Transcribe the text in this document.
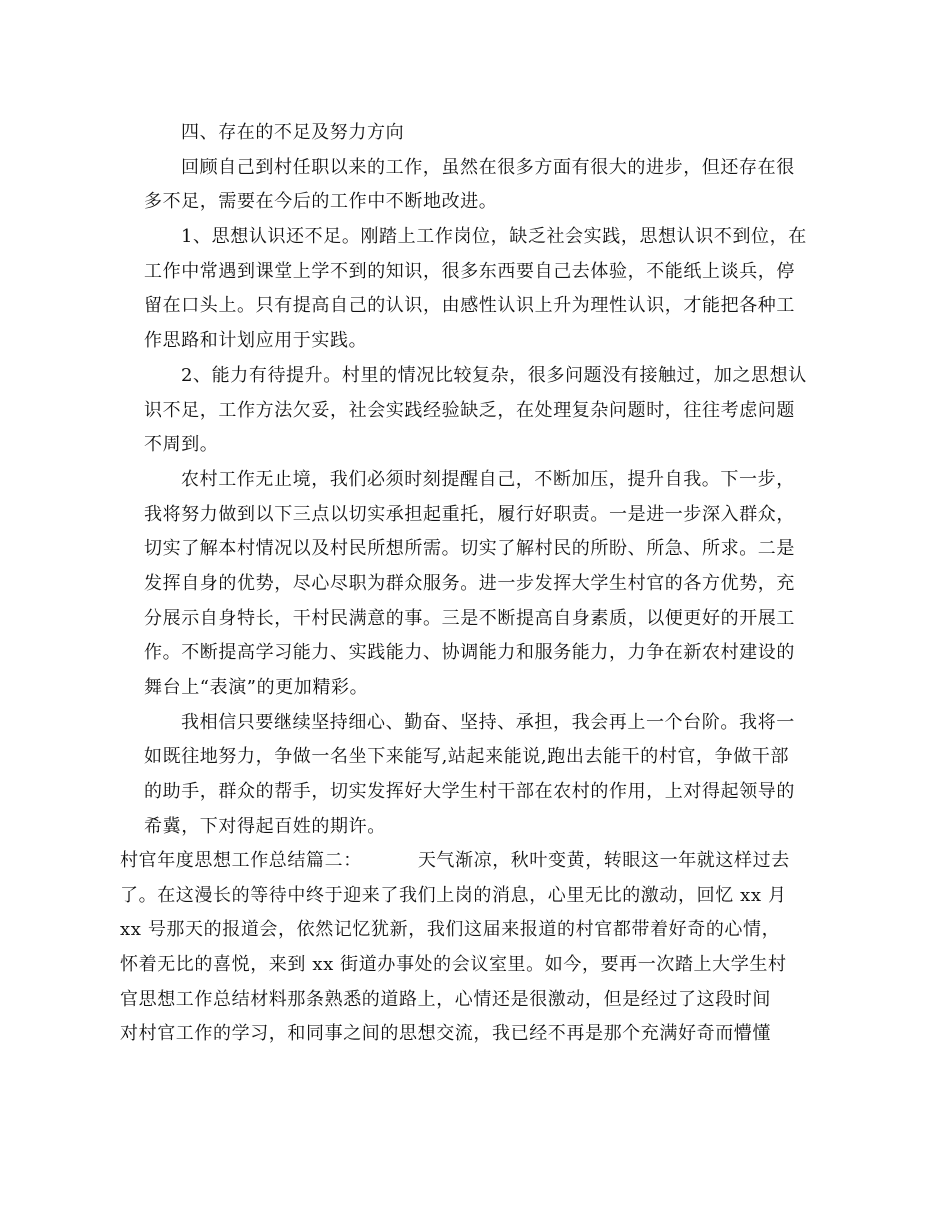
四、存在的不足及努力方向
回顾自己到村任职以来的工作，虽然在很多方面有很大的进步，但还存在很
多不足，需要在今后的工作中不断地改进。
1、思想认识还不足。刚踏上工作岗位，缺乏社会实践，思想认识不到位，在
工作中常遇到课堂上学不到的知识，很多东西要自己去体验，不能纸上谈兵，停
留在口头上。只有提高自己的认识，由感性认识上升为理性认识，才能把各种工
作思路和计划应用于实践。
2、能力有待提升。村里的情况比较复杂，很多问题没有接触过，加之思想认
识不足，工作方法欠妥，社会实践经验缺乏，在处理复杂问题时，往往考虑问题
不周到。
农村工作无止境，我们必须时刻提醒自己，不断加压，提升自我。下一步，
我将努力做到以下三点以切实承担起重托，履行好职责。一是进一步深入群众，
切实了解本村情况以及村民所想所需。切实了解村民的所盼、所急、所求。二是
发挥自身的优势，尽心尽职为群众服务。进一步发挥大学生村官的各方优势，充
分展示自身特长，干村民满意的事。三是不断提高自身素质，以便更好的开展工
作。不断提高学习能力、实践能力、协调能力和服务能力，力争在新农村建设的
舞台上“表演”的更加精彩。
我相信只要继续坚持细心、勤奋、坚持、承担，我会再上一个台阶。我将一
如既往地努力，争做一名坐下来能写,站起来能说,跑出去能干的村官，争做干部
的助手，群众的帮手，切实发挥好大学生村干部在农村的作用，上对得起领导的
希冀，下对得起百姓的期许。
村官年度思想工作总结篇二：	天气渐凉，秋叶变黄，转眼这一年就这样过去
了。在这漫长的等待中终于迎来了我们上岗的消息，心里无比的激动，回忆 xx 月
xx 号那天的报道会，依然记忆犹新，我们这届来报道的村官都带着好奇的心情，
怀着无比的喜悦，来到 xx 街道办事处的会议室里。如今，要再一次踏上大学生村
官思想工作总结材料那条熟悉的道路上，心情还是很激动，但是经过了这段时间
对村官工作的学习，和同事之间的思想交流，我已经不再是那个充满好奇而懵懂
